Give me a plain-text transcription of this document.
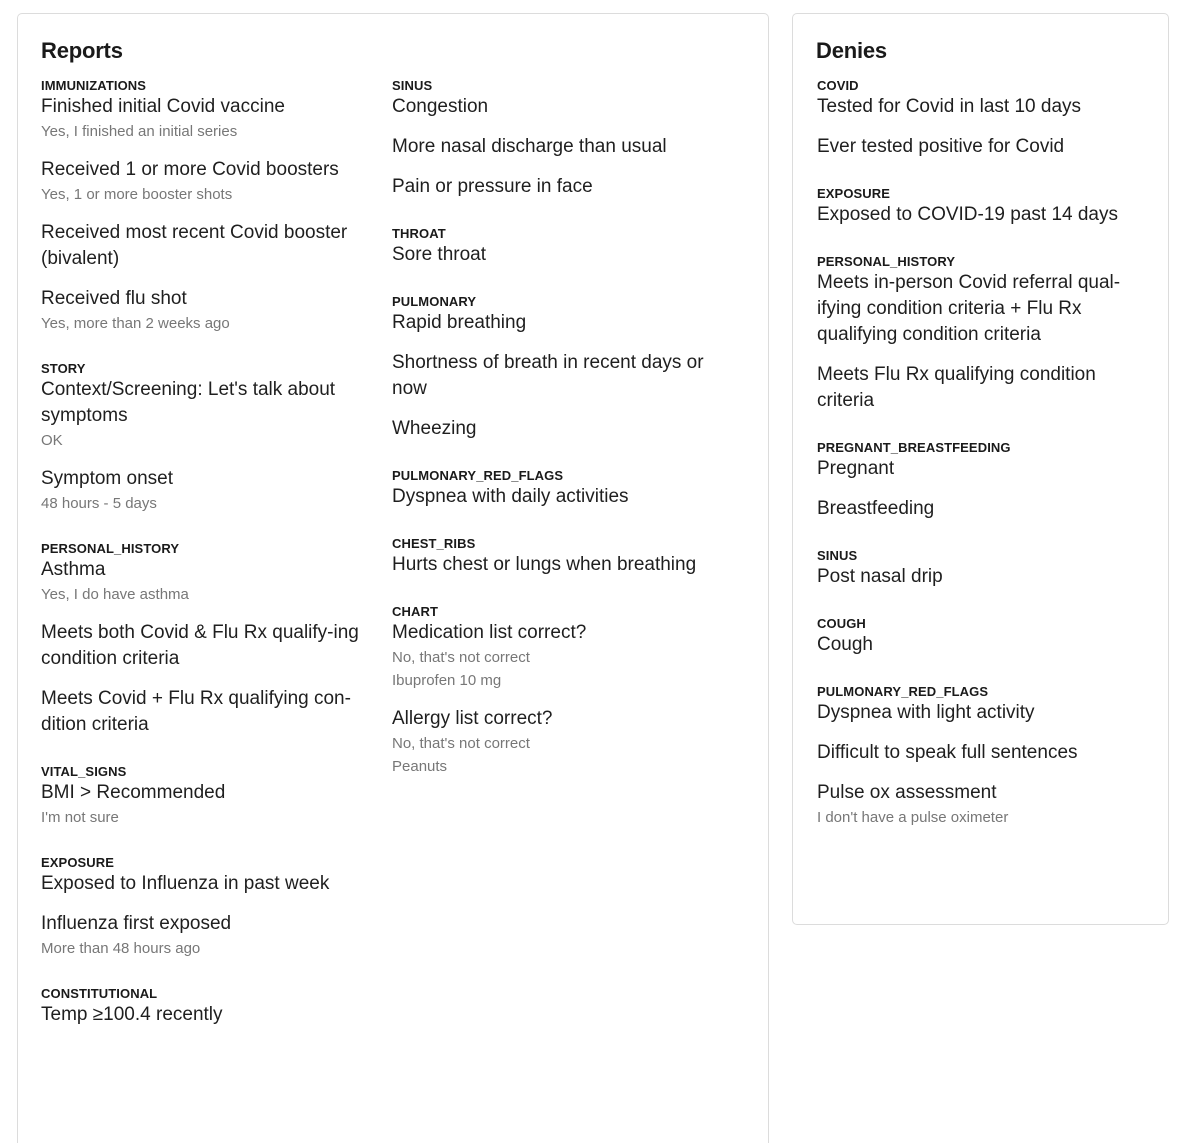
Reports
IMMUNIZATIONS
Finished initial Covid vaccine
Yes, I finished an initial series
Received 1 or more Covid boosters
Yes, 1 or more booster shots
Received most recent Covid booster (bivalent)
Received flu shot
Yes, more than 2 weeks ago
STORY
Context/Screening: Let's talk about symptoms
OK
Symptom onset
48 hours - 5 days
PERSONAL_HISTORY
Asthma
Yes, I do have asthma
Meets both Covid & Flu Rx qualify-ing condition criteria
Meets Covid + Flu Rx qualifying con-dition criteria
VITAL_SIGNS
BMI > Recommended
I'm not sure
EXPOSURE
Exposed to Influenza in past week
Influenza first exposed
More than 48 hours ago
CONSTITUTIONAL
Temp ≥100.4 recently
SINUS
Congestion
More nasal discharge than usual
Pain or pressure in face
THROAT
Sore throat
PULMONARY
Rapid breathing
Shortness of breath in recent days or now
Wheezing
PULMONARY_RED_FLAGS
Dyspnea with daily activities
CHEST_RIBS
Hurts chest or lungs when breathing
CHART
Medication list correct?
No, that's not correct
Ibuprofen 10 mg
Allergy list correct?
No, that's not correct
Peanuts
Denies
COVID
Tested for Covid in last 10 days
Ever tested positive for Covid
EXPOSURE
Exposed to COVID-19 past 14 days
PERSONAL_HISTORY
Meets in-person Covid referral qual-ifying condition criteria + Flu Rx qualifying condition criteria
Meets Flu Rx qualifying condition criteria
PREGNANT_BREASTFEEDING
Pregnant
Breastfeeding
SINUS
Post nasal drip
COUGH
Cough
PULMONARY_RED_FLAGS
Dyspnea with light activity
Difficult to speak full sentences
Pulse ox assessment
I don't have a pulse oximeter
